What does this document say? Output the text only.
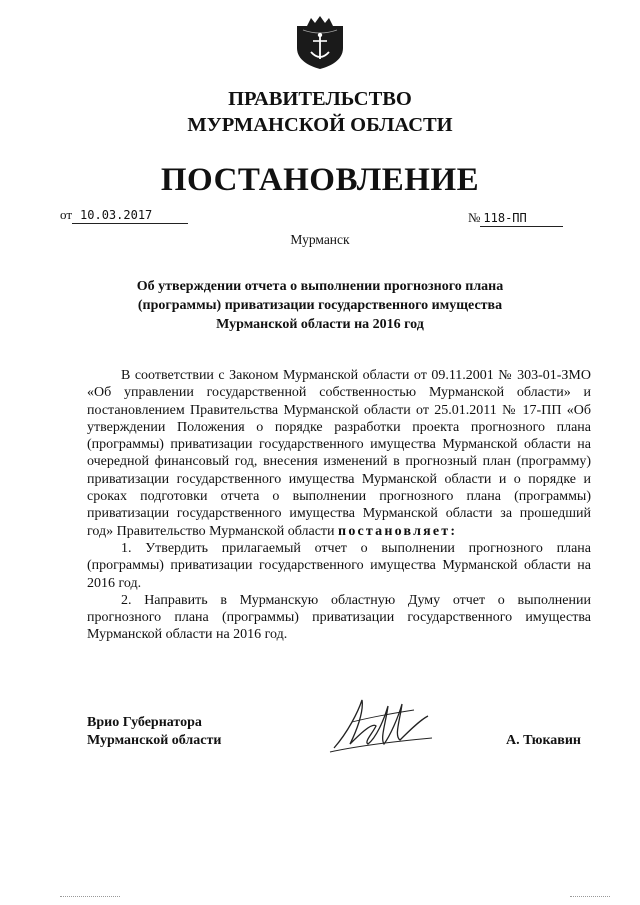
ПРАВИТЕЛЬСТВО
МУРМАНСКОЙ ОБЛАСТИ
ПОСТАНОВЛЕНИЕ
от 10.03.2017	№ 118-ПП
Мурманск
Об утверждении отчета о выполнении прогнозного плана
(программы) приватизации государственного имущества
Мурманской области на 2016 год

В соответствии с Законом Мурманской области от 09.11.2001 № 303-01-ЗМО «Об управлении государственной собственностью Мурманской области» и постановлением Правительства Мурманской области от 25.01.2011 № 17-ПП «Об утверждении Положения о порядке разработки проекта прогнозного плана (программы) приватизации государственного имущества Мурманской области на очередной финансовый год, внесения изменений в прогнозный план (программу) приватизации государственного имущества Мурманской области и о порядке и сроках подготовки отчета о выполнении прогнозного плана (программы) приватизации государственного имущества Мурманской области за прошедший год» Правительство Мурманской области постановляет:

1. Утвердить прилагаемый отчет о выполнении прогнозного плана (программы) приватизации государственного имущества Мурманской области на 2016 год.

2. Направить в Мурманскую областную Думу отчет о выполнении прогнозного плана (программы) приватизации государственного имущества Мурманской области на 2016 год.

Врио Губернатора
Мурманской области	А. Тюкавин
